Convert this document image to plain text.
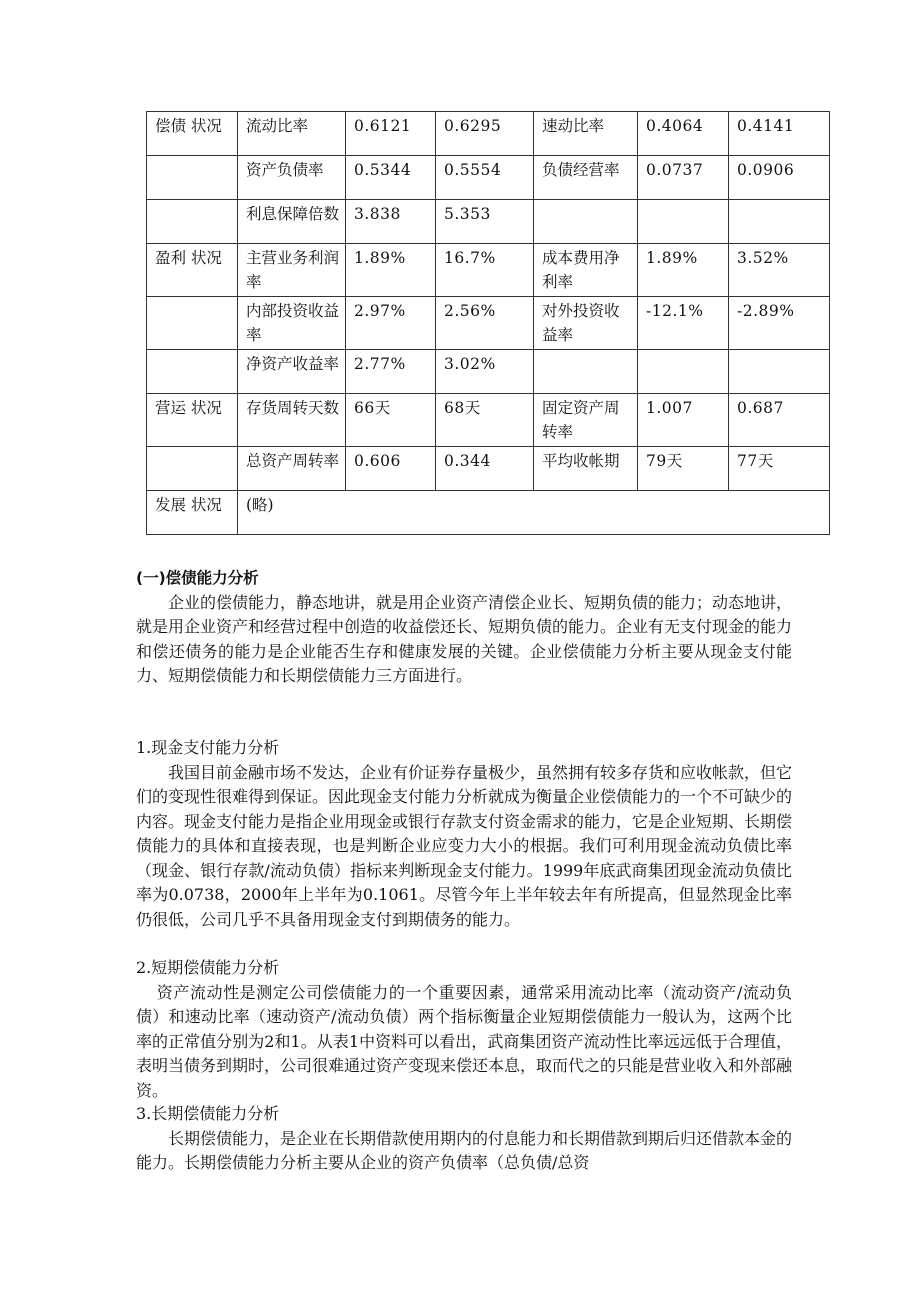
偿债 状况	流动比率	0.6121	0.6295	速动比率	0.4064	0.4141
	资产负债率	0.5344	0.5554	负债经营率	0.0737	0.0906
	利息保障倍数	3.838	5.353			
盈利 状况	主营业务利润率	1.89%	16.7%	成本费用净利率	1.89%	3.52%
	内部投资收益率	2.97%	2.56%	对外投资收益率	-12.1%	-2.89%
	净资产收益率	2.77%	3.02%			
营运 状况	存货周转天数	66天	68天	固定资产周转率	1.007	0.687
	总资产周转率	0.606	0.344	平均收帐期	79天	77天
发展 状况	(略)					

(一)偿债能力分析

企业的偿债能力，静态地讲，就是用企业资产清偿企业长、短期负债的能力；动态地讲，就是用企业资产和经营过程中创造的收益偿还长、短期负债的能力。企业有无支付现金的能力和偿还债务的能力是企业能否生存和健康发展的关键。企业偿债能力分析主要从现金支付能力、短期偿债能力和长期偿债能力三方面进行。

1.现金支付能力分析

我国目前金融市场不发达，企业有价证券存量极少，虽然拥有较多存货和应收帐款，但它们的变现性很难得到保证。因此现金支付能力分析就成为衡量企业偿债能力的一个不可缺少的内容。现金支付能力是指企业用现金或银行存款支付资金需求的能力，它是企业短期、长期偿债能力的具体和直接表现，也是判断企业应变力大小的根据。我们可利用现金流动负债比率（现金、银行存款/流动负债）指标来判断现金支付能力。1999年底武商集团现金流动负债比率为0.0738，2000年上半年为0.1061。尽管今年上半年较去年有所提高，但显然现金比率仍很低，公司几乎不具备用现金支付到期债务的能力。

2.短期偿债能力分析

资产流动性是测定公司偿债能力的一个重要因素，通常采用流动比率（流动资产/流动负债）和速动比率（速动资产/流动负债）两个指标衡量企业短期偿债能力一般认为，这两个比率的正常值分别为2和1。从表1中资料可以看出，武商集团资产流动性比率远远低于合理值，表明当债务到期时，公司很难通过资产变现来偿还本息，取而代之的只能是营业收入和外部融资。

3.长期偿债能力分析

长期偿债能力，是企业在长期借款使用期内的付息能力和长期借款到期后归还借款本金的能力。长期偿债能力分析主要从企业的资产负债率（总负债/总资
